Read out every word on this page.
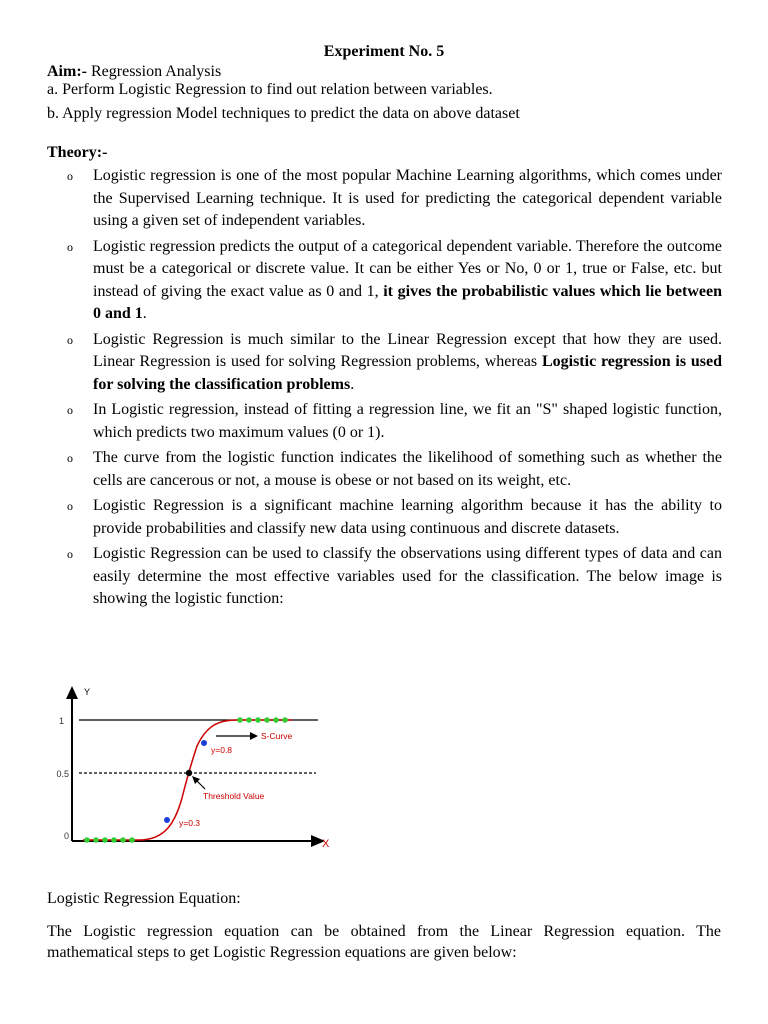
Experiment No. 5
Aim:- Regression Analysis
a. Perform Logistic Regression to find out relation between variables.
b. Apply regression Model techniques to predict the data on above dataset
Theory:-
o Logistic regression is one of the most popular Machine Learning algorithms, which comes under the Supervised Learning technique. It is used for predicting the categorical dependent variable using a given set of independent variables.
o Logistic regression predicts the output of a categorical dependent variable. Therefore the outcome must be a categorical or discrete value. It can be either Yes or No, 0 or 1, true or False, etc. but instead of giving the exact value as 0 and 1, it gives the probabilistic values which lie between 0 and 1.
o Logistic Regression is much similar to the Linear Regression except that how they are used. Linear Regression is used for solving Regression problems, whereas Logistic regression is used for solving the classification problems.
o In Logistic regression, instead of fitting a regression line, we fit an "S" shaped logistic function, which predicts two maximum values (0 or 1).
o The curve from the logistic function indicates the likelihood of something such as whether the cells are cancerous or not, a mouse is obese or not based on its weight, etc.
o Logistic Regression is a significant machine learning algorithm because it has the ability to provide probabilities and classify new data using continuous and discrete datasets.
o Logistic Regression can be used to classify the observations using different types of data and can easily determine the most effective variables used for the classification. The below image is showing the logistic function:
Y
X
1
0.5
0
S-Curve
y=0.8
Threshold Value
y=0.3
Logistic Regression Equation:
The Logistic regression equation can be obtained from the Linear Regression equation. The mathematical steps to get Logistic Regression equations are given below:
